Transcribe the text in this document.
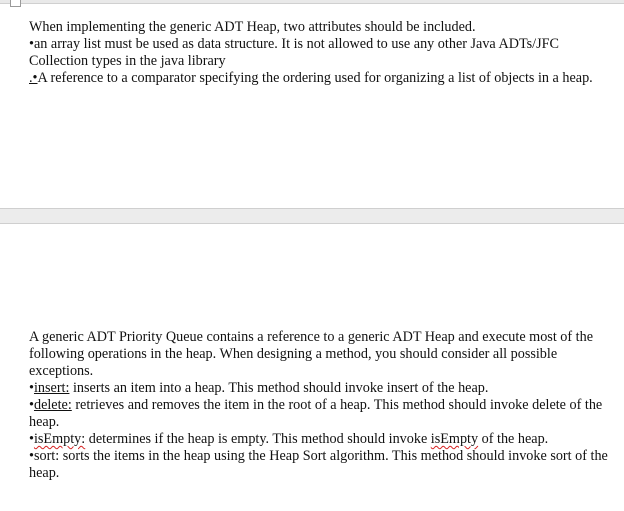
When implementing the generic ADT Heap, two attributes should be included.

•an array list must be used as data structure. It is not allowed to use any other Java ADTs/JFC Collection types in the java library

.•A reference to a comparator specifying the ordering used for organizing a list of objects in a heap.

A generic ADT Priority Queue contains a reference to a generic ADT Heap and execute most of the following operations in the heap. When designing a method, you should consider all possible exceptions.

•insert: inserts an item into a heap. This method should invoke insert of the heap.

•delete: retrieves and removes the item in the root of a heap. This method should invoke delete of the heap.

•isEmpty: determines if the heap is empty. This method should invoke isEmpty of the heap.

•sort: sorts the items in the heap using the Heap Sort algorithm. This method should invoke sort of the heap.
